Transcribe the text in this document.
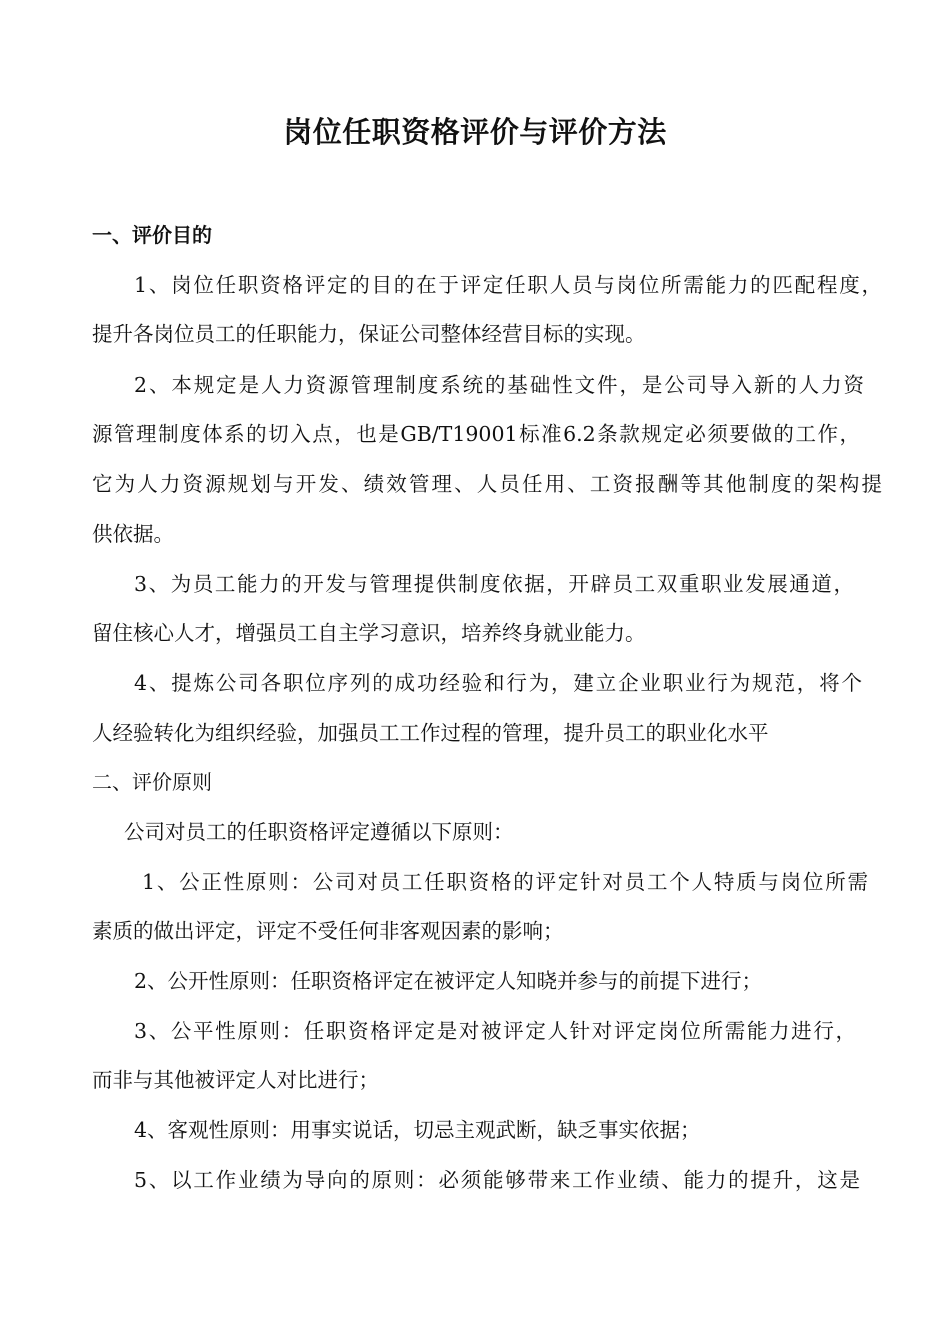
岗位任职资格评价与评价方法

一、评价目的

1、岗位任职资格评定的目的在于评定任职人员与岗位所需能力的匹配程度，

提升各岗位员工的任职能力，保证公司整体经营目标的实现。

2、本规定是人力资源管理制度系统的基础性文件，是公司导入新的人力资

源管理制度体系的切入点，也是GB/T19001标准6.2条款规定必须要做的工作，

它为人力资源规划与开发、绩效管理、人员任用、工资报酬等其他制度的架构提

供依据。

3、为员工能力的开发与管理提供制度依据，开辟员工双重职业发展通道，

留住核心人才，增强员工自主学习意识，培养终身就业能力。

4、提炼公司各职位序列的成功经验和行为，建立企业职业行为规范，将个

人经验转化为组织经验，加强员工工作过程的管理，提升员工的职业化水平

二、评价原则

公司对员工的任职资格评定遵循以下原则：

1、公正性原则：公司对员工任职资格的评定针对员工个人特质与岗位所需

素质的做出评定，评定不受任何非客观因素的影响；

2、公开性原则：任职资格评定在被评定人知晓并参与的前提下进行；

3、公平性原则：任职资格评定是对被评定人针对评定岗位所需能力进行，

而非与其他被评定人对比进行；

4、客观性原则：用事实说话，切忌主观武断，缺乏事实依据；

5、以工作业绩为导向的原则：必须能够带来工作业绩、能力的提升，这是
